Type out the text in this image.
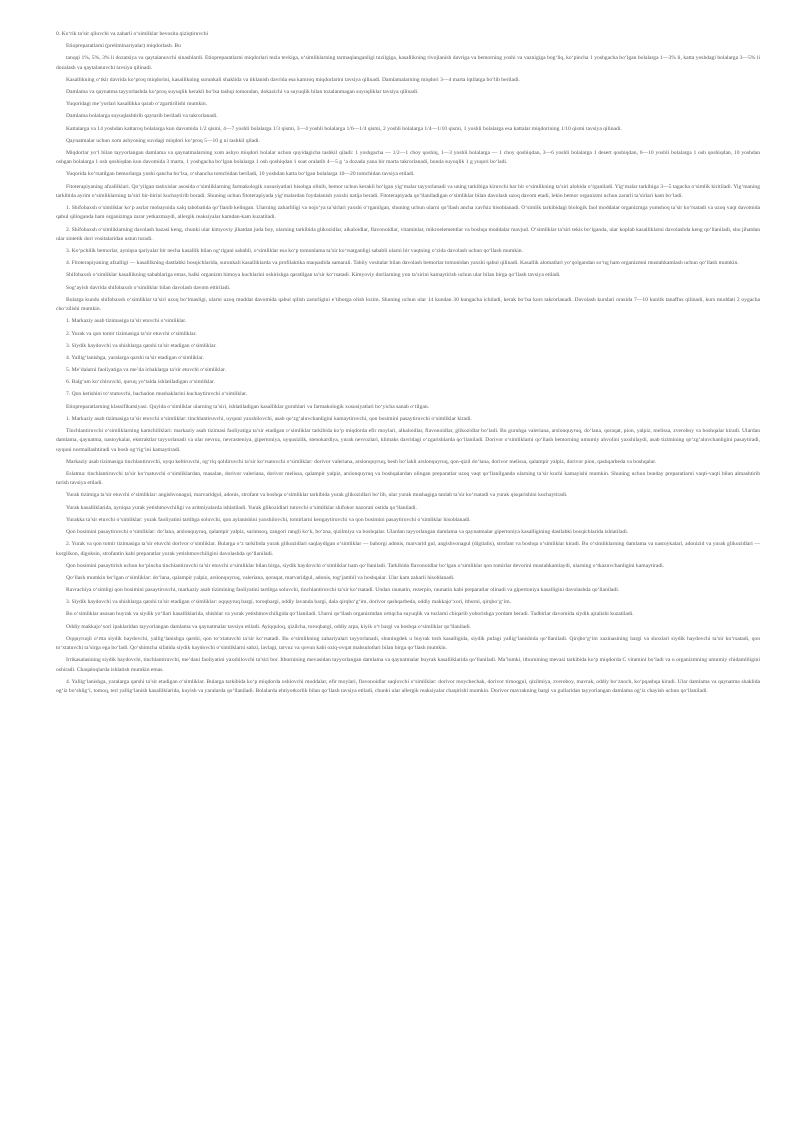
0. Ko‘rik ta’sir qiluvchi va zaharli o‘simliklar bevosita qiziqtiruvchi

Etiopreparatlarni (preliminariyalar) miqdorlash. Bu

tanqqi 1%, 5%, 3% li dozatsiya va qaytalanuvchi sinashlardi. Etiopreparatlarni miqdorlari tezla tevkiga, o‘simliklarning tarmaqlanganligi tuzilgiga, kasallikning rivojlanish davriga va bemorning yoshi va vaznigiga bog‘liq, ko‘pincha 1 yoshgacha bo‘lgan bolalarga 1—3% li, katta yoshdagi bolalarga 3—5% li dozalash va qaytalanuvchi tavsiya qilinadi.

Kasallikning o‘tkir davrida ko‘proq miqdorini, kasallikning surunkali shaklida va tiklanish davrida esa kamroq miqdorlarini tavsiya qilinadi. Damlamalarning miqdori 3—4 marta iqtilatga bo‘lib beriladi.

Damlama va qaynatma tayyorlashda ko‘proq suyuqlik kerakli bo‘lsa tashqi tomondan, dokazichi va suyuqlik bilan tozalanmagan suyuqliklar tavsiya qilinadi.

Yuqoridagi me’yorlari kasallikka qarab o‘zgartirilishi mumkin.

Damlama bolalarga suyuqlashtirib qaytarib beriladi va takrorlanadi.

Kattalarga va 14 yoshdan kattaroq bolalarga kun davomida 1/2 qismi, 4—7 yoshli bolalarga 1/3 qismi, 3—4 yoshli bolalarga 1/6—1/4 qismi, 2 yoshli bolalarga 1/4—1/10 qismi, 1 yoshli bolalarga esa kattalar miqdorining 1/10 qismi tavsiya qilinadi.

Qaynatmalar uchun xom ashyoning suvdagi miqdori ko‘proq 5—10 g ni tashkil qiladi.

Miqdorlar yo‘l bilan tayyorlangan damlama va qaynatmalarning xom ashyo miqdori bolalar uchun quyidagicha tashkil qiladi: 1 yoshgacha — 1/2—1 choy qoshiq, 1—3 yoshli bolalarga — 1 choy qoshiqdan, 3—6 yoshli bolalarga 1 desert qoshiqdan, 6—10 yoshli bolalarga 1 osh qoshiqdan, 10 yoshdan oshgan bolalarga 1 osh qoshiqdan kun davomida 3 marta, 1 yoshgacha bo‘lgan bolalarga 1 osh qoshiqdan 1 soat oralatib 4—5 g ‘a dozada yana bir marta takrorlanadi, bunda suyuqlik 1 g yuqori bo‘ladi.

Yuqorida ko‘rsatilgan bemorlarga yoshi qancha bo‘lsa, o‘shancha tomchidan beriladi, 10 yoshdan katta bo‘lgan bolalarga 10—20 tomchidan tavsiya etiladi.

Fitoterapiyaning afzalliklari. Qo‘yilgan tashxislar asosida o‘simliklarning farmakologik xususiyatlari hisobga olinib, bemor uchun kerakli bo‘lgan yig‘malar tayyorlanadi va uning tarkibiga kiruvchi har bir o‘simlikning ta’siri alohida o‘rganiladi. Yig‘malar tarkibiga 3—5 tagacha o‘simlik kiritiladi. Yig‘maning tarkibida ayrim o‘simliklarning ta’siri bir-birini kuchaytirib boradi. Shuning uchun fitoterapiyada yig‘malardan foydalanish yaxshi natija beradi. Fitoterapiyada qo‘llaniladigan o‘simliklar bilan davolash uzoq davom etadi, lekin bemor organizmi uchun zararli ta’sirlari kam bo‘ladi.

1. Shifobaxsh o‘simliklar ko‘p asrlar mobaynida xalq tabobatida qo‘llanib kelingan. Ularning zaharliligi va nojo‘ya ta’sirlari yaxshi o‘rganilgan, shuning uchun ularni qo‘llash ancha xavfsiz hisoblanadi. O‘simlik tarkibidagi biologik faol moddalar organizmga yumshoq ta’sir ko‘rsatadi va uzoq vaqt davomida qabul qilinganda ham organizmga zarar yetkazmaydi, allergik reaksiyalar kamdan-kam kuzatiladi.

2. Shifobaxsh o‘simliklarning davolash bazasi keng, chunki ular kimyoviy jihatdan juda boy, ularning tarkibida glikozidlar, alkaloidlar, flavonoidlar, vitaminlar, mikroelementlar va boshqa moddalar mavjud. O‘simliklar ta’siri tekis bo‘lganda, ular koplab kasalliklarni davolashda keng qo‘llaniladi, shu jihatdan ular sintetik dori vositalaridan ustun turadi.

3. Ko‘pchilik bemorlar, ayniqsa qariyalar bir necha kasallik bilan og‘rigani sababli, o‘simliklar esa ko‘p tomonlama ta’sir ko‘rsatganligi sababli ularni bir vaqtning o‘zida davolash uchun qo‘llash mumkin.

4. Fitoterapiyaning afzalligi — kasallikning dastlabki bosqichlarida, surunkali kasalliklarda va profilaktika maqsadida samarali. Tabiiy vositalar bilan davolash bemorlar tomonidan yaxshi qabul qilinadi. Kasallik alomatlari yo‘qolgandan so‘ng ham organizmni mustahkamlash uchun qo‘llash mumkin.

Shifobaxsh o‘simliklar kasallikning sabablariga emas, balki organizm himoya kuchlarini oshirishga qaratilgan ta’sir ko‘rsatadi. Kimyoviy dorilarning yon ta’sirini kamaytirish uchun ular bilan birga qo‘llash tavsiya etiladi.

Sog‘ayish davrida shifobaxsh o‘simliklar bilan davolash davom ettiriladi.

Bularga kundu shifobaxsh o‘simliklar ta’siri uzoq bo‘lmasligi, ularni uzoq muddat davomida qabul qilish zarurligini e’tiborga olish lozim. Shuning uchun ular 14 kundan 30 kungacha ichiladi, kerak bo‘lsa kurs takrorlanadi. Davolash kurslari orasida 7—10 kunlik tanaffus qilinadi, kurs muddati 2 oygacha cho‘zilishi mumkin.

1. Markaziy asab tizimasiga ta’sir etuvchi o‘simliklar.

2. Yurak va qon tomir tizimasiga ta’sir etuvchi o‘simliklar.

3. Siydik haydovchi va shishlarga qarshi ta’sir etadigan o‘simliklar.

4. Yallig‘lanishga, yaralarga qarshi ta’sir etadigan o‘simliklar.

5. Me’dalarni faoliyatiga va me’da ichaklarga ta’sir etuvchi o‘simliklar.

6. Balg‘am ko‘chiruvchi, quruq yo‘talda ishlatiladigan o‘simliklar.

7. Qon ketishini to‘xtatuvchi, bachadon mushaklarini kuchaytiruvchi o‘simliklar.

Etiopreparatlarning klassifikatsiyasi. Quyida o‘simliklar ularning ta’siri, ishlatiladigan kasalliklar guruhlari va farmakologik xususiyatlari bo‘yicha sanab o‘tilgan.

1. Markaziy asab tizimasiga ta’sir etuvchi o‘simliklar: tinchlantiruvchi, uyquni yaxshilovchi, asab qo‘zg‘aluvchanligini kamaytiruvchi, qon bosimini pasaytiruvchi o‘simliklar kiradi.

Tinchlantiruvchi o‘simliklarning kamchiliklari: markaziy asab tizimasi faoliyatiga ta’sir etadigan o‘simliklar tarkibida ko‘p miqdorda efir moylari, alkaloidlar, flavonoidlar, glikozidlar bo‘ladi. Bu guruhga valeriana, arslonquyruq, do‘lana, qoraqat, pion, yalpiz, melissa, zveroboy va boshqalar kiradi. Ulardan damlama, qaynatma, nastoykalar, ekstraktlar tayyorlanadi va ular nevroz, nevrasteniya, gipertoniya, uyqusizlik, stenokardiya, yurak nevrozlari, klimaks davridagi o‘zgarishlarda qo‘llaniladi. Dorivor o‘simliklarni qo‘llash bemorning umumiy ahvolini yaxshilaydi, asab tizimining qo‘zg‘aluvchanligini pasaytiradi, uyquni normallashtiradi va bosh og‘rig‘ini kamaytiradi.

Markaziy asab tizimasiga tinchlantiruvchi, uyqu keltiruvchi, og‘riq qoldiruvchi ta’sir ko‘rsatuvchi o‘simliklar: dorivor valeriana, arslonquyruq, besh bo‘lakli arslonquyruq, qon-qizil do‘lana, dorivor melissa, qalampir yalpiz, dorivor pion, qashqarbeda va boshqalar.

Eslatma: tinchlantiruvchi ta’sir ko‘rsatuvchi o‘simliklardan, masalan, dorivor valeriana, dorivor melissa, qalampir yalpiz, arslonquyruq va boshqalardan olingan preparatlar uzoq vaqt qo‘llanilganda ularning ta’sir kuchi kamayishi mumkin. Shuning uchun bunday preparatlarni vaqti-vaqti bilan almashtirib turish tavsiya etiladi.

Yurak tizimiga ta’sir etuvchi o‘simliklar: angishvonagul, marvaridgul, adonis, strofant va boshqa o‘simliklar tarkibida yurak glikozidlari bo‘lib, ular yurak mushagiga tanlab ta’sir ko‘rsatadi va yurak qisqarishini kuchaytiradi.

Yurak kasalliklarida, ayniqsa yurak yetishmovchiligi va aritmiyalarda ishlatiladi. Yurak glikozidlari tutuvchi o‘simliklar shifokor nazorati ostida qo‘llaniladi.

Yurakka ta’sir etuvchi o‘simliklar: yurak faoliyatini tartibga soluvchi, qon aylanishini yaxshilovchi, tomirlarni kengaytiruvchi va qon bosimini pasaytiruvchi o‘simliklar hisoblanadi.

Qon bosimini pasaytiruvchi o‘simliklar: do‘lana, arslonquyruq, qalampir yalpiz, sarimsoq, zangori rangli ko‘k, bo‘zna, qizilmiya va boshqalar. Ulardan tayyorlangan damlama va qaynatmalar gipertoniya kasalligining dastlabki bosqichlarida ishlatiladi.

2. Yurak va qon tomir tizimasiga ta’sir etuvchi dorivor o‘simliklar. Bularga o‘z tarkibida yurak glikozidlari saqlaydigan o‘simliklar — bahorgi adonis, marvarid gul, angishvonagul (digitalis), strofant va boshqa o‘simliklar kiradi. Bu o‘simliklarning damlama va nastoykalari, adonizid va yurak glikozidlari — korglikon, digoksin, strofantin kabi preparatlar yurak yetishmovchiligini davolashda qo‘llaniladi.

Qon bosimini pasaytirish uchun ko‘pincha tinchlantiruvchi ta’sir etuvchi o‘simliklar bilan birga, siydik haydovchi o‘simliklar ham qo‘llaniladi. Tarkibida flavonoidlar bo‘lgan o‘simliklar qon tomirlar devorini mustahkamlaydi, ularning o‘tkazuvchanligini kamaytiradi.

Qo‘llash mumkin bo‘lgan o‘simliklar: do‘lana, qalampir yalpiz, arslonquyruq, valeriana, qoraqat, marvaridgul, adonis, tog‘jambil va boshqalar. Ular kam zaharli hisoblanadi.

Ravrachiya o‘simligi qon bosimini pasaytiruvchi, markaziy asab tizimining faoliyatini tartibga soluvchi, tinchlantiruvchi ta’sir ko‘rsatadi. Undan raunatin, rezerpin, raunatin kabi preparatlar olinadi va gipertoniya kasalligini davolashda qo‘llaniladi.

3. Siydik haydovchi va shishlarga qarshi ta’sir etadigan o‘simliklar: oqquyruq bargi, toroqbargi, oddiy lavanda bargi, dala qirqbo‘g‘im, dorivor qashqarbeda, oddiy makkajo‘xori, itburni, qirqbo‘g‘im.

Bu o‘simliklar asosan buyrak va siydik yo‘llari kasalliklarida, shishlar va yurak yetishmovchiligida qo‘llaniladi. Ularni qo‘llash organizmdan ortiqcha suyuqlik va tuzlarni chiqarib yuborishga yordam beradi. Tadbirlar davomida siydik ajralishi kuzatiladi.

Oddiy makkajo‘xori ipaklaridan tayyorlangan damlama va qaynatmalar tavsiya etiladi. Ayiqquloq, qizilcha, toroqbargi, oddiy arpa, kiyik o‘t bargi va boshqa o‘simliklar qo‘llaniladi.

Oqquyruqli o‘rtta siydik haydovchi, yallig‘lanishga qarshi, qon to‘xtatuvchi ta’sir ko‘rsatadi. Bu o‘simlikning zahariyalari tayyorlanadi, shuningdek u buyrak tosh kasalligida, siydik pufagi yallig‘lanishida qo‘llaniladi. Qirqbo‘g‘im xazinasining bargi va shoxlari siydik haydovchi ta’sir ko‘rsatadi, qon to‘xtatuvchi ta’sirga ega bo‘ladi. Qo‘shimcha sifatida siydik haydovchi o‘simliklarni sabzi, lavlagi, tarvuz va qovun kabi oziq-ovqat mahsulotlari bilan birga qo‘llash mumkin.

Irrikasalasining siydik haydovchi, tinchlantiruvchi, me’dani faoliyatini yaxshilovchi ta’siri bor. Itburnining mevasidan tayyorlangan damlama va qaynatmalar buyrak kasalliklarida qo‘llaniladi. Ma’lumki, itburnining mevasi tarkibida ko‘p miqdorda C vitamini bo‘ladi va u organizmning umumiy chidamliligini oshiradi. Chaqaloqlarda ishlatish mumkin emas.

4. Yallig‘lanishga, yaralarga qarshi ta’sir etadigan o‘simliklar. Bularga tarkibida ko‘p miqdorda oshlovchi moddalar, efir moylari, flavonoidlar saqlovchi o‘simliklar: dorivor moychechak, dorivor tirnoqgul, qizilmiya, zveroboy, mavrak, oddiy bo‘znoch, ko‘pqashqa kiradi. Ular damlama va qaynatma shaklida og‘iz bo‘shlig‘i, tomoq, teri yallig‘lanish kasalliklarida, kuyish va yaralarda qo‘llaniladi. Bolalarda ehtiyotkorlik bilan qo‘llash tavsiya etiladi, chunki ular allergik reaksiyalar chaqirishi mumkin. Dorivor mavrakning bargi va gullaridan tayyorlangan damlama og‘iz chayish uchun qo‘llaniladi.
